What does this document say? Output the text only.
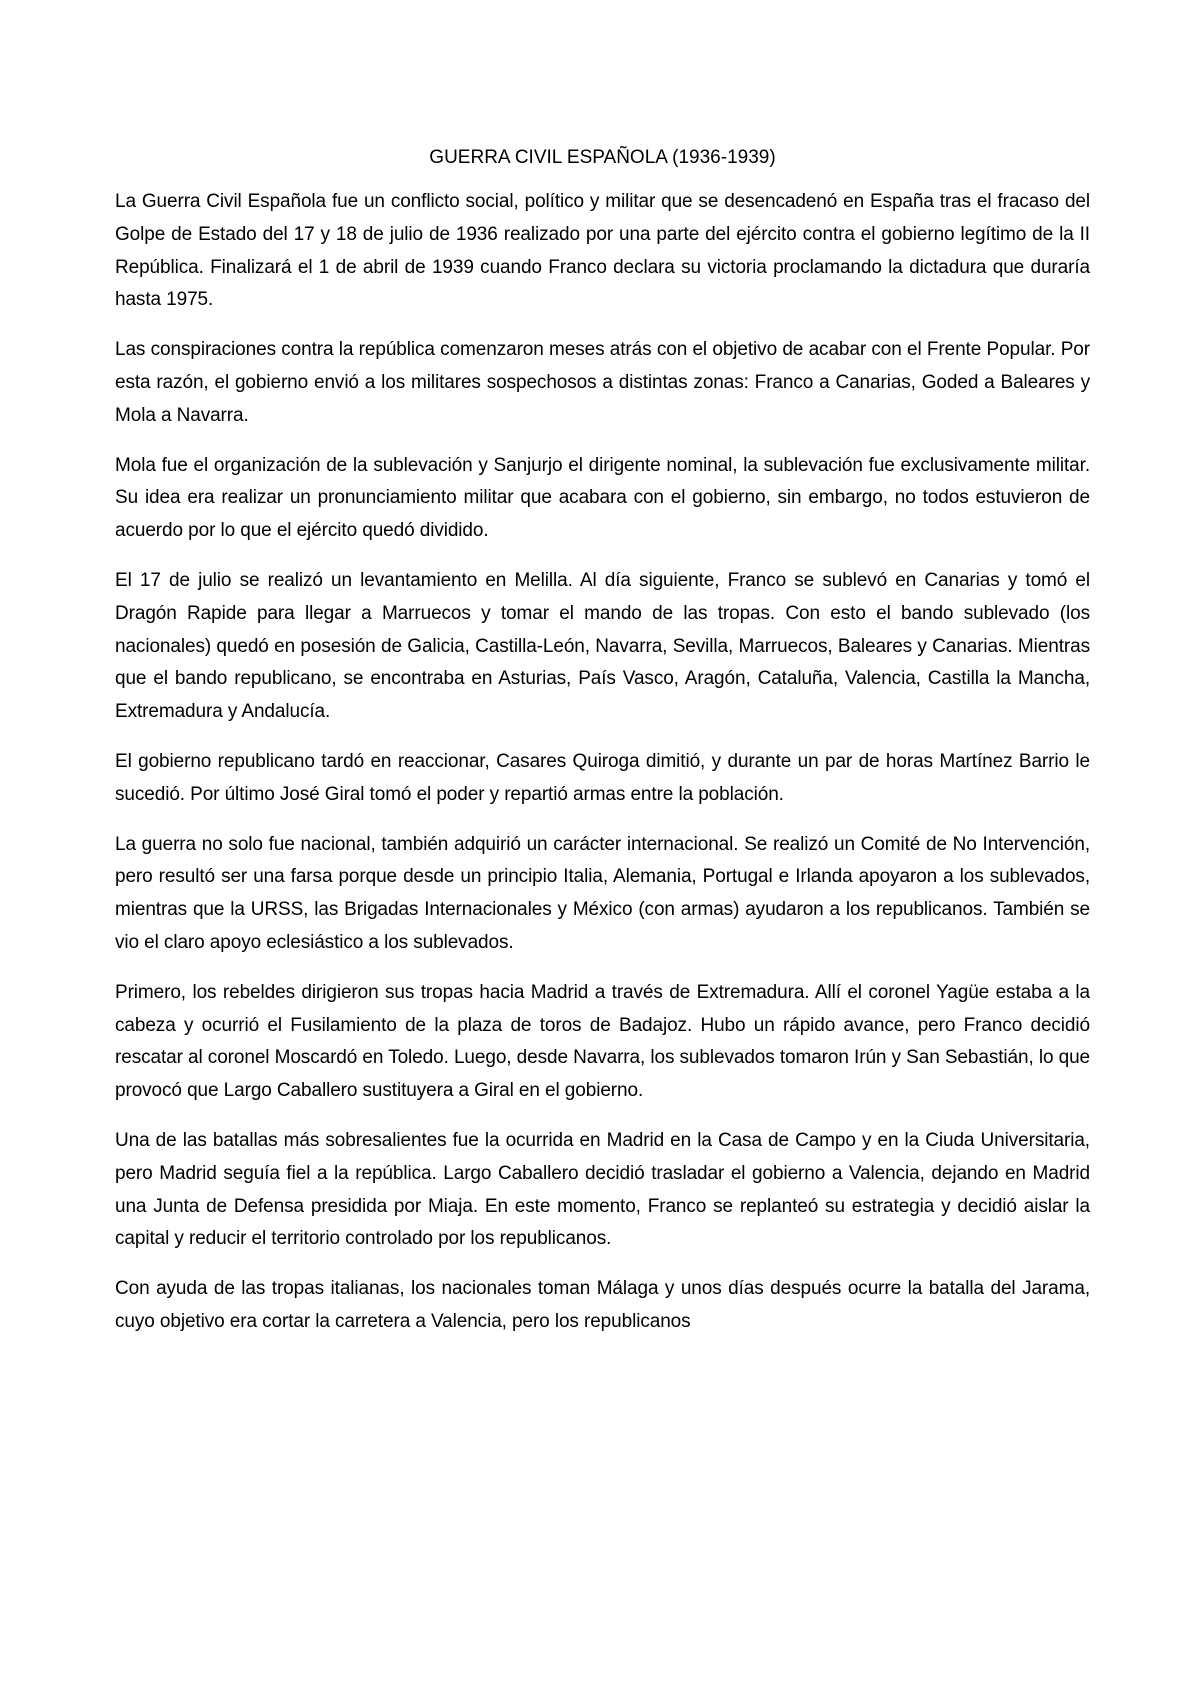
GUERRA CIVIL ESPAÑOLA (1936-1939)

La Guerra Civil Española fue un conflicto social, político y militar que se desencadenó en España tras el fracaso del Golpe de Estado del 17 y 18 de julio de 1936 realizado por una parte del ejército contra el gobierno legítimo de la II República. Finalizará el 1 de abril de 1939 cuando Franco declara su victoria proclamando la dictadura que duraría hasta 1975.

Las conspiraciones contra la república comenzaron meses atrás con el objetivo de acabar con el Frente Popular. Por esta razón, el gobierno envió a los militares sospechosos a distintas zonas: Franco a Canarias, Goded a Baleares y Mola a Navarra.

Mola fue el organización de la sublevación y Sanjurjo el dirigente nominal, la sublevación fue exclusivamente militar. Su idea era realizar un pronunciamiento militar que acabara con el gobierno, sin embargo, no todos estuvieron de acuerdo por lo que el ejército quedó dividido.

El 17 de julio se realizó un levantamiento en Melilla. Al día siguiente, Franco se sublevó en Canarias y tomó el Dragón Rapide para llegar a Marruecos y tomar el mando de las tropas. Con esto el bando sublevado (los nacionales) quedó en posesión de Galicia, Castilla-León, Navarra, Sevilla, Marruecos, Baleares y Canarias. Mientras que el bando republicano, se encontraba en Asturias, País Vasco, Aragón, Cataluña, Valencia, Castilla la Mancha, Extremadura y Andalucía.

El gobierno republicano tardó en reaccionar, Casares Quiroga dimitió, y durante un par de horas Martínez Barrio le sucedió. Por último José Giral tomó el poder y repartió armas entre la población.

La guerra no solo fue nacional, también adquirió un carácter internacional. Se realizó un Comité de No Intervención, pero resultó ser una farsa porque desde un principio Italia, Alemania, Portugal e Irlanda apoyaron a los sublevados, mientras que la URSS, las Brigadas Internacionales y México (con armas) ayudaron a los republicanos. También se vio el claro apoyo eclesiástico a los sublevados.

Primero, los rebeldes dirigieron sus tropas hacia Madrid a través de Extremadura. Allí el coronel Yagüe estaba a la cabeza y ocurrió el Fusilamiento de la plaza de toros de Badajoz. Hubo un rápido avance, pero Franco decidió rescatar al coronel Moscardó en Toledo. Luego, desde Navarra, los sublevados tomaron Irún y San Sebastián, lo que provocó que Largo Caballero sustituyera a Giral en el gobierno.

Una de las batallas más sobresalientes fue la ocurrida en Madrid en la Casa de Campo y en la Ciuda Universitaria, pero Madrid seguía fiel a la república. Largo Caballero decidió trasladar el gobierno a Valencia, dejando en Madrid una Junta de Defensa presidida por Miaja. En este momento, Franco se replanteó su estrategia y decidió aislar la capital y reducir el territorio controlado por los republicanos.

Con ayuda de las tropas italianas, los nacionales toman Málaga y unos días después ocurre la batalla del Jarama, cuyo objetivo era cortar la carretera a Valencia, pero los republicanos
